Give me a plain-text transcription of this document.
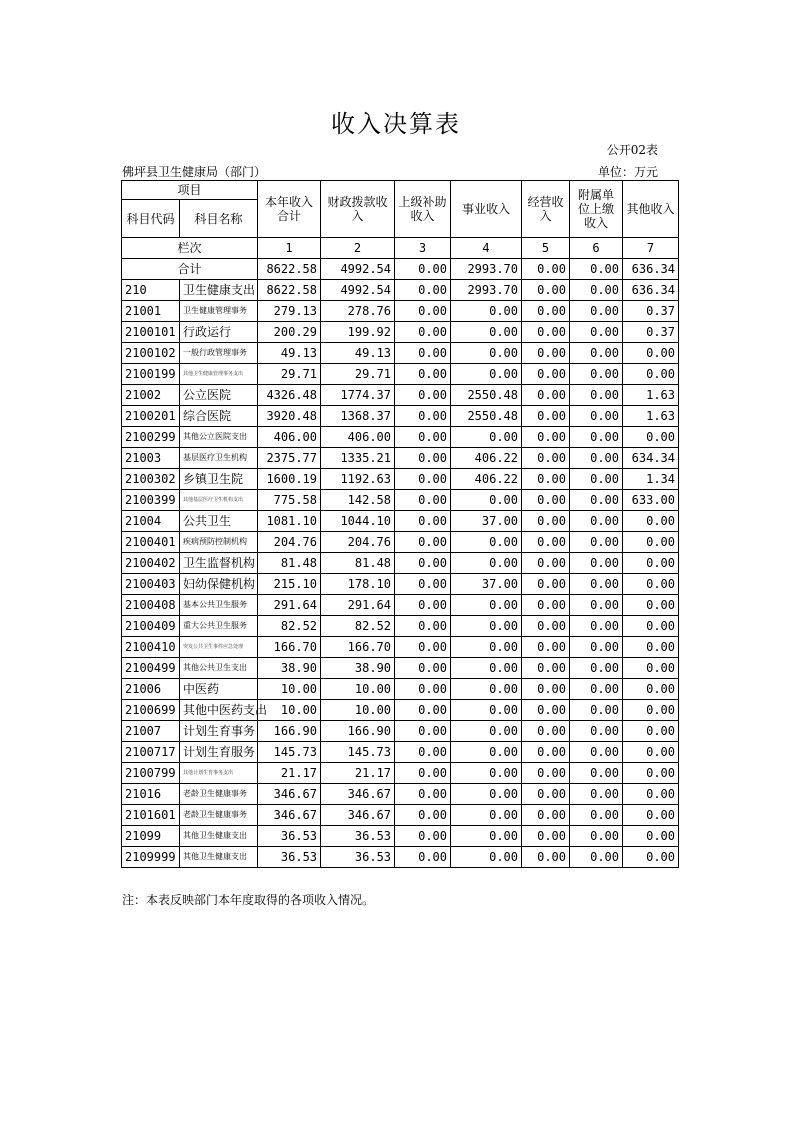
收入决算表
公开02表
佛坪县卫生健康局（部门）	单位：万元
项目		本年收入合计	财政拨款收入	上级补助收入	事业收入	经营收入	附属单位上缴收入	其他收入
科目代码	科目名称							
栏次		1	2	3	4	5	6	7
合计		8622.58	4992.54	0.00	2993.70	0.00	0.00	636.34
210	卫生健康支出	8622.58	4992.54	0.00	2993.70	0.00	0.00	636.34
21001	卫生健康管理事务	279.13	278.76	0.00	0.00	0.00	0.00	0.37
2100101	行政运行	200.29	199.92	0.00	0.00	0.00	0.00	0.37
2100102	一般行政管理事务	49.13	49.13	0.00	0.00	0.00	0.00	0.00
2100199	其他卫生健康管理事务支出	29.71	29.71	0.00	0.00	0.00	0.00	0.00
21002	公立医院	4326.48	1774.37	0.00	2550.48	0.00	0.00	1.63
2100201	综合医院	3920.48	1368.37	0.00	2550.48	0.00	0.00	1.63
2100299	其他公立医院支出	406.00	406.00	0.00	0.00	0.00	0.00	0.00
21003	基层医疗卫生机构	2375.77	1335.21	0.00	406.22	0.00	0.00	634.34
2100302	乡镇卫生院	1600.19	1192.63	0.00	406.22	0.00	0.00	1.34
2100399	其他基层医疗卫生机构支出	775.58	142.58	0.00	0.00	0.00	0.00	633.00
21004	公共卫生	1081.10	1044.10	0.00	37.00	0.00	0.00	0.00
2100401	疾病预防控制机构	204.76	204.76	0.00	0.00	0.00	0.00	0.00
2100402	卫生监督机构	81.48	81.48	0.00	0.00	0.00	0.00	0.00
2100403	妇幼保健机构	215.10	178.10	0.00	37.00	0.00	0.00	0.00
2100408	基本公共卫生服务	291.64	291.64	0.00	0.00	0.00	0.00	0.00
2100409	重大公共卫生服务	82.52	82.52	0.00	0.00	0.00	0.00	0.00
2100410	突发公共卫生事件应急处理	166.70	166.70	0.00	0.00	0.00	0.00	0.00
2100499	其他公共卫生支出	38.90	38.90	0.00	0.00	0.00	0.00	0.00
21006	中医药	10.00	10.00	0.00	0.00	0.00	0.00	0.00
2100699	其他中医药支出	10.00	10.00	0.00	0.00	0.00	0.00	0.00
21007	计划生育事务	166.90	166.90	0.00	0.00	0.00	0.00	0.00
2100717	计划生育服务	145.73	145.73	0.00	0.00	0.00	0.00	0.00
2100799	其他计划生育事务支出	21.17	21.17	0.00	0.00	0.00	0.00	0.00
21016	老龄卫生健康事务	346.67	346.67	0.00	0.00	0.00	0.00	0.00
2101601	老龄卫生健康事务	346.67	346.67	0.00	0.00	0.00	0.00	0.00
21099	其他卫生健康支出	36.53	36.53	0.00	0.00	0.00	0.00	0.00
2109999	其他卫生健康支出	36.53	36.53	0.00	0.00	0.00	0.00	0.00
注：本表反映部门本年度取得的各项收入情况。
